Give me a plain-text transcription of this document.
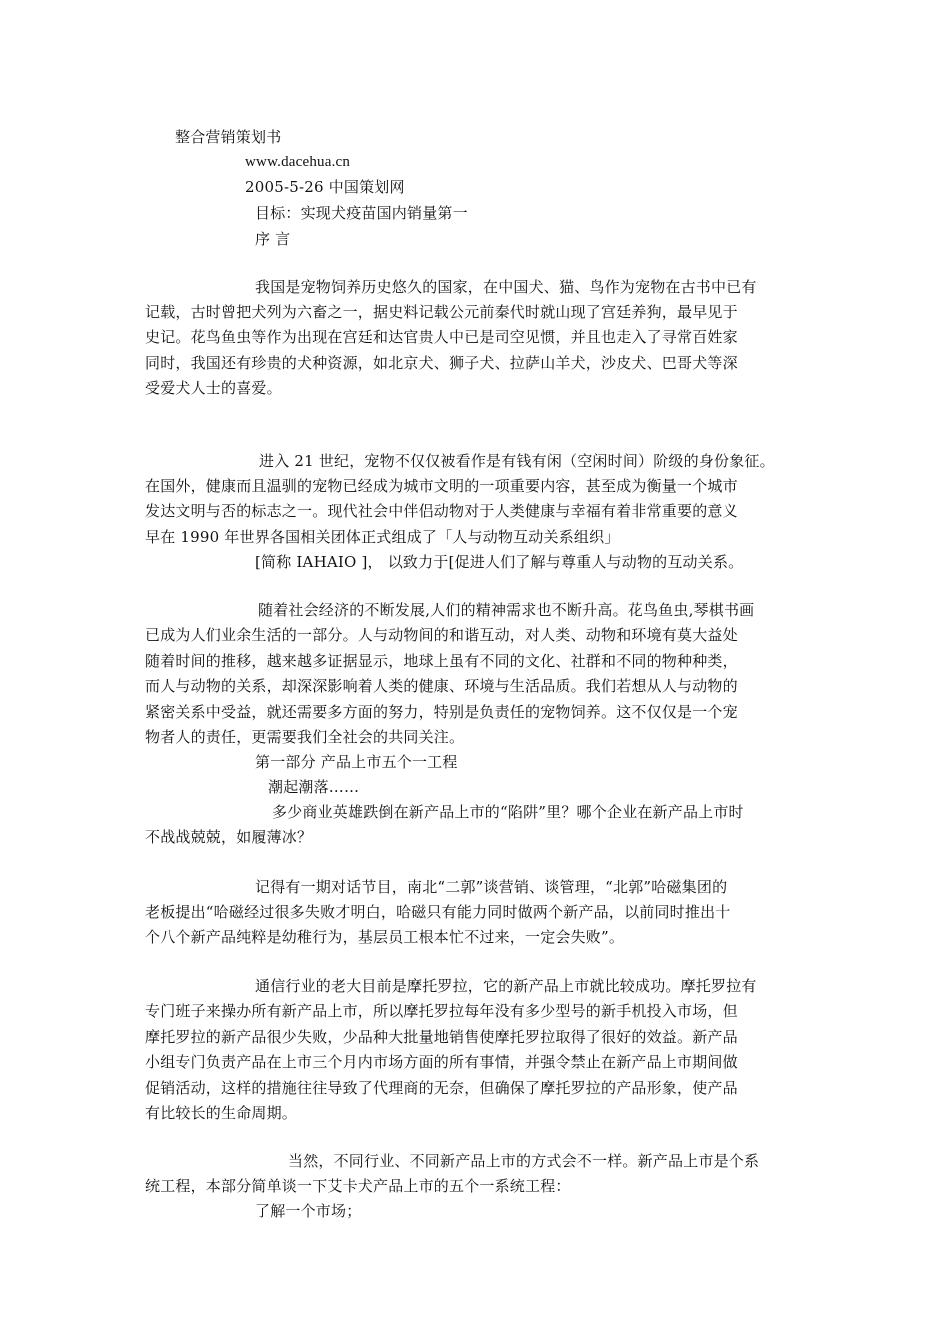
整合营销策划书
www.dacehua.cn
2005-5-26 中国策划网
目标：实现犬疫苗国内销量第一
序 言
我国是宠物饲养历史悠久的国家，在中国犬、猫、鸟作为宠物在古书中已有
记载，古时曾把犬列为六畜之一，据史料记载公元前秦代时就山现了宫廷养狗，最早见于
史记。花鸟鱼虫等作为出现在宫廷和达官贵人中已是司空见惯，并且也走入了寻常百姓家
同时，我国还有珍贵的犬种资源，如北京犬、狮子犬、拉萨山羊犬，沙皮犬、巴哥犬等深
受爱犬人士的喜爱。
进入 21 世纪，宠物不仅仅被看作是有钱有闲（空闲时间）阶级的身份象征。
在国外，健康而且温驯的宠物已经成为城市文明的一项重要内容，甚至成为衡量一个城市
发达文明与否的标志之一。现代社会中伴侣动物对于人类健康与幸福有着非常重要的意义
早在 1990 年世界各国相关团体正式组成了「人与动物互动关系组织」
[简称 IAHAIO ]， 以致力于[促进人们了解与尊重人与动物的互动关系。
随着社会经济的不断发展,人们的精神需求也不断升高。花鸟鱼虫,琴棋书画
已成为人们业余生活的一部分。人与动物间的和谐互动，对人类、动物和环境有莫大益处
随着时间的推移，越来越多证据显示，地球上虽有不同的文化、社群和不同的物种种类，
而人与动物的关系，却深深影响着人类的健康、环境与生活品质。我们若想从人与动物的
紧密关系中受益，就还需要多方面的努力，特别是负责任的宠物饲养。这不仅仅是一个宠
物者人的责任，更需要我们全社会的共同关注。
第一部分 产品上市五个一工程
潮起潮落……
多少商业英雄跌倒在新产品上市的“陷阱”里？哪个企业在新产品上市时
不战战兢兢，如履薄冰？
记得有一期对话节目，南北“二郭”谈营销、谈管理，“北郭”哈磁集团的
老板提出“哈磁经过很多失败才明白，哈磁只有能力同时做两个新产品，以前同时推出十
个八个新产品纯粹是幼稚行为，基层员工根本忙不过来，一定会失败”。
通信行业的老大目前是摩托罗拉，它的新产品上市就比较成功。摩托罗拉有
专门班子来操办所有新产品上市，所以摩托罗拉每年没有多少型号的新手机投入市场，但
摩托罗拉的新产品很少失败，少品种大批量地销售使摩托罗拉取得了很好的效益。新产品
小组专门负责产品在上市三个月内市场方面的所有事情，并强令禁止在新产品上市期间做
促销活动，这样的措施往往导致了代理商的无奈，但确保了摩托罗拉的产品形象，使产品
有比较长的生命周期。
当然，不同行业、不同新产品上市的方式会不一样。新产品上市是个系
统工程，本部分简单谈一下艾卡犬产品上市的五个一系统工程：
了解一个市场；
